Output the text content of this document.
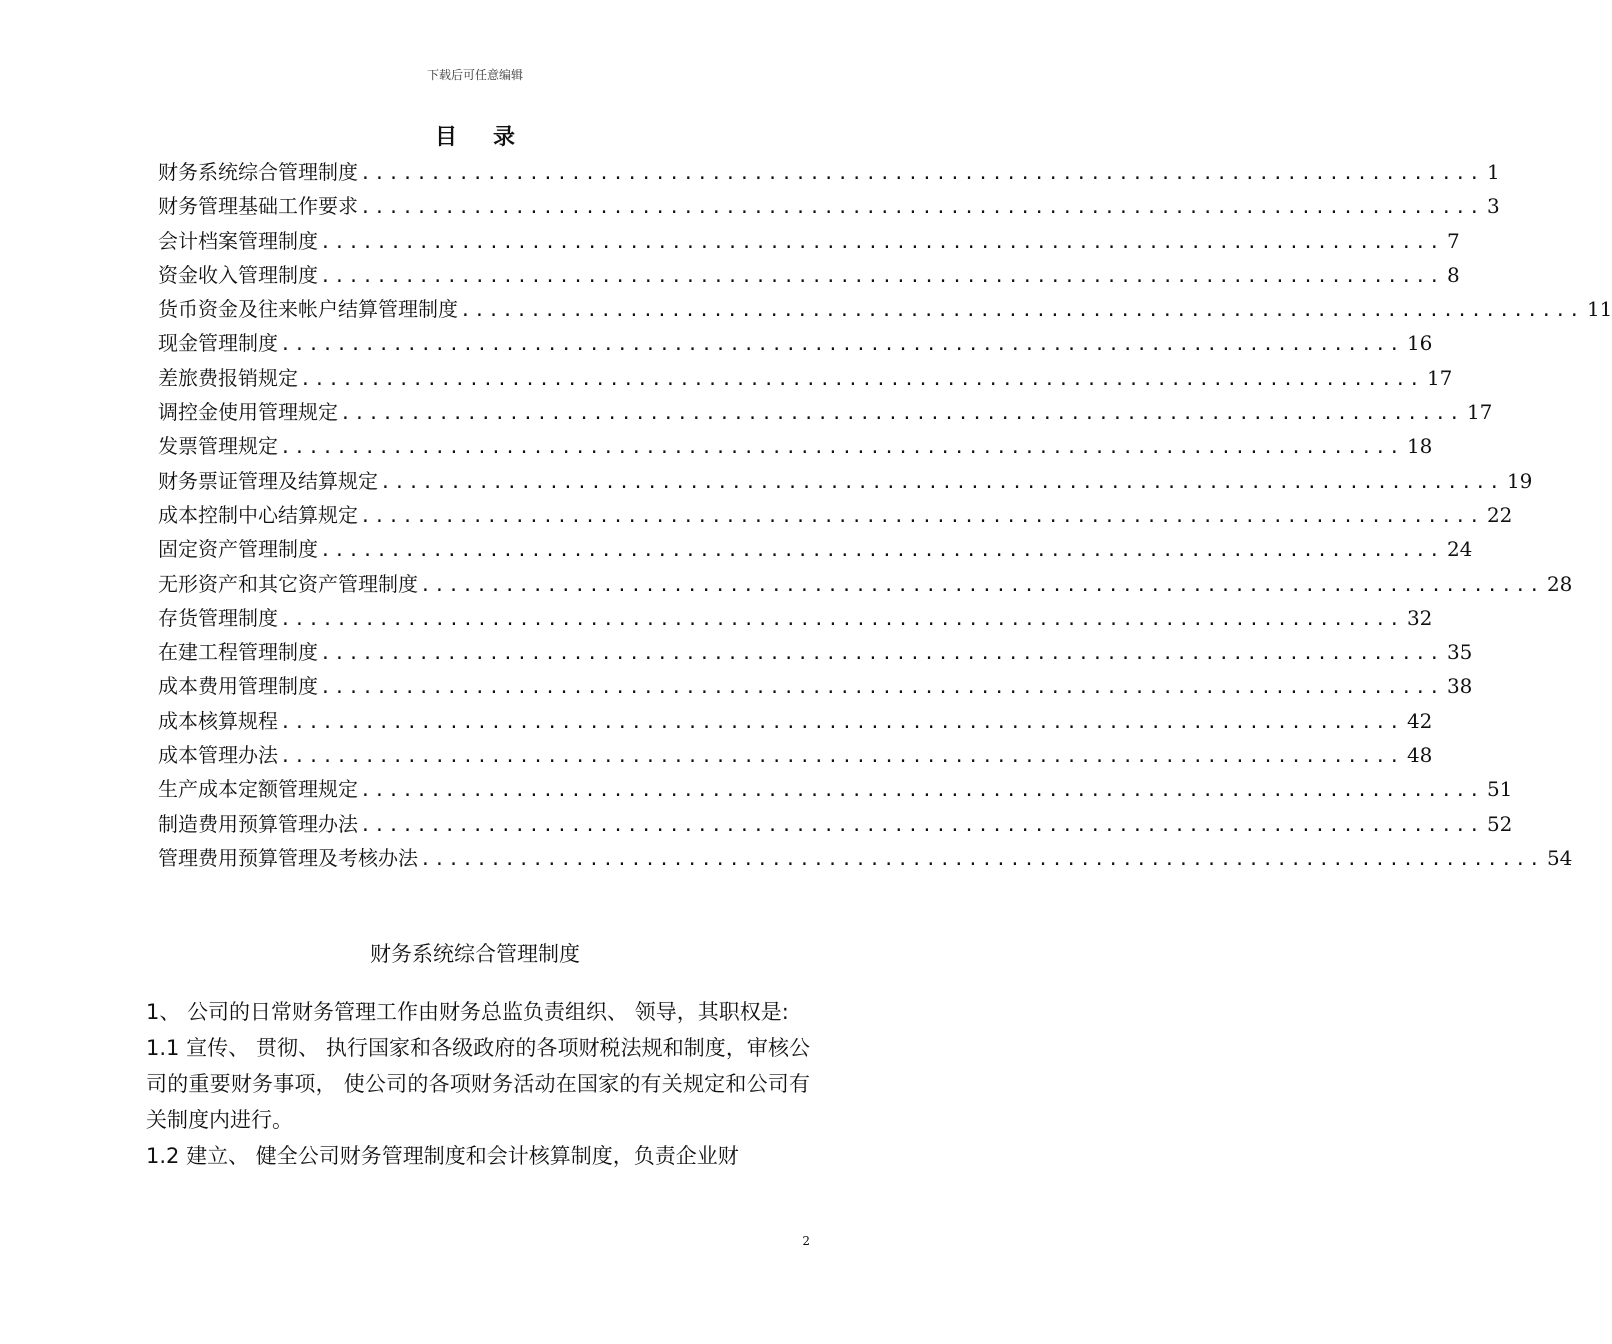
下载后可任意编辑
目 录
财务系统综合管理制度 ................................................................................ 1
财务管理基础工作要求 ................................................................................ 3
会计档案管理制度 ................................................................................ 7
资金收入管理制度 ................................................................................ 8
货币资金及往来帐户结算管理制度 ................................................................................ 11
现金管理制度 ................................................................................ 16
差旅费报销规定 ................................................................................ 17
调控金使用管理规定 ................................................................................ 17
发票管理规定 ................................................................................ 18
财务票证管理及结算规定 ................................................................................ 19
成本控制中心结算规定 ................................................................................ 22
固定资产管理制度 ................................................................................ 24
无形资产和其它资产管理制度 ................................................................................ 28
存货管理制度 ................................................................................ 32
在建工程管理制度 ................................................................................ 35
成本费用管理制度 ................................................................................ 38
成本核算规程 ................................................................................ 42
成本管理办法 ................................................................................ 48
生产成本定额管理规定 ................................................................................ 51
制造费用预算管理办法 ................................................................................ 52
管理费用预算管理及考核办法 ................................................................................ 54
财务系统综合管理制度

1、 公司的日常财务管理工作由财务总监负责组织、 领导，其职权是:

1.1 宣传、 贯彻、 执行国家和各级政府的各项财税法规和制度，审核公司的重要财务事项， 使公司的各项财务活动在国家的有关规定和公司有关制度内进行。

1.2 建立、 健全公司财务管理制度和会计核算制度，负责企业财

2
